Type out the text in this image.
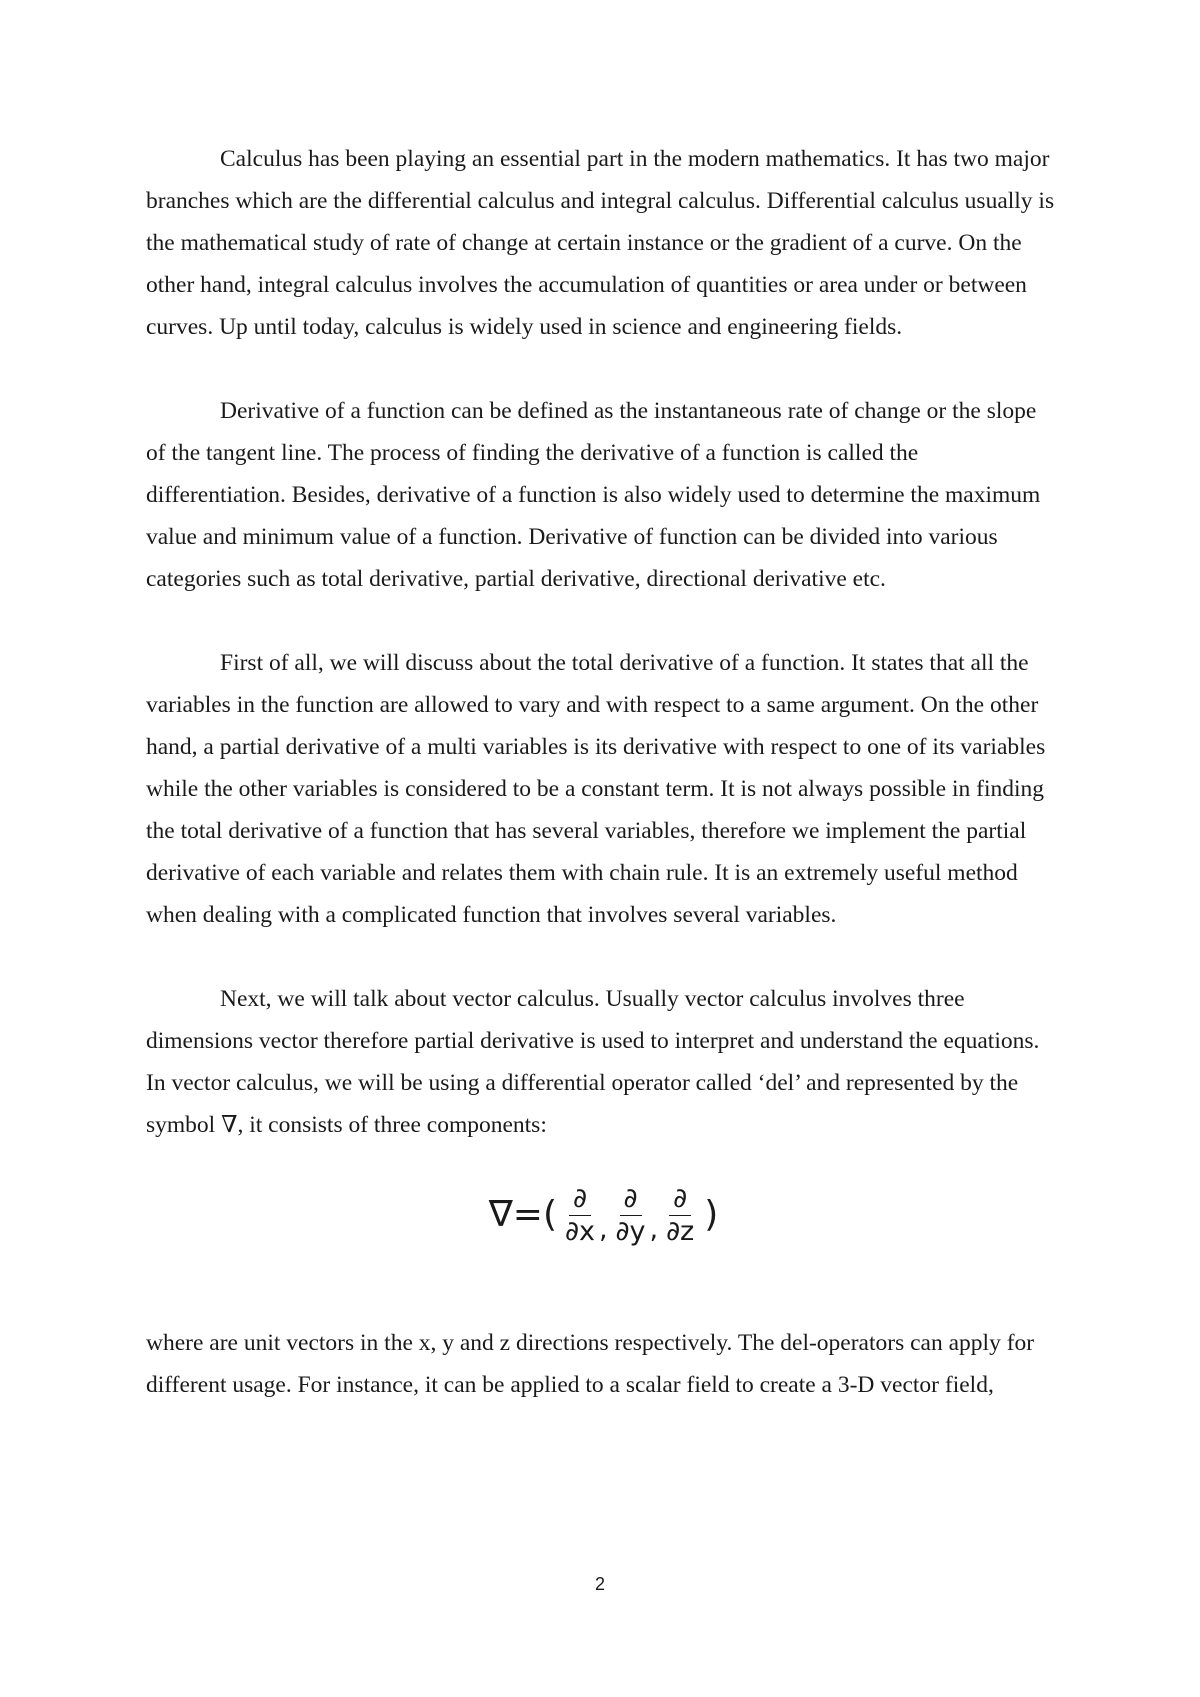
Calculus has been playing an essential part in the modern mathematics. It has two major branches which are the differential calculus and integral calculus. Differential calculus usually is the mathematical study of rate of change at certain instance or the gradient of a curve. On the other hand, integral calculus involves the accumulation of quantities or area under or between curves. Up until today, calculus is widely used in science and engineering fields.

Derivative of a function can be defined as the instantaneous rate of change or the slope of the tangent line. The process of finding the derivative of a function is called the differentiation. Besides, derivative of a function is also widely used to determine the maximum value and minimum value of a function. Derivative of function can be divided into various categories such as total derivative, partial derivative, directional derivative etc.

First of all, we will discuss about the total derivative of a function. It states that all the variables in the function are allowed to vary and with respect to a same argument. On the other hand, a partial derivative of a multi variables is its derivative with respect to one of its variables while the other variables is considered to be a constant term. It is not always possible in finding the total derivative of a function that has several variables, therefore we implement the partial derivative of each variable and relates them with chain rule. It is an extremely useful method when dealing with a complicated function that involves several variables.

Next, we will talk about vector calculus. Usually vector calculus involves three dimensions vector therefore partial derivative is used to interpret and understand the equations. In vector calculus, we will be using a differential operator called ‘del’ and represented by the symbol ∇, it consists of three components:

∇=( $\frac{\partial}{\partial x}$ , $\frac{\partial}{\partial y}$ , $\frac{\partial}{\partial z}$ )

where are unit vectors in the x, y and z directions respectively. The del-operators can apply for different usage. For instance, it can be applied to a scalar field to create a 3-D vector field,

2
